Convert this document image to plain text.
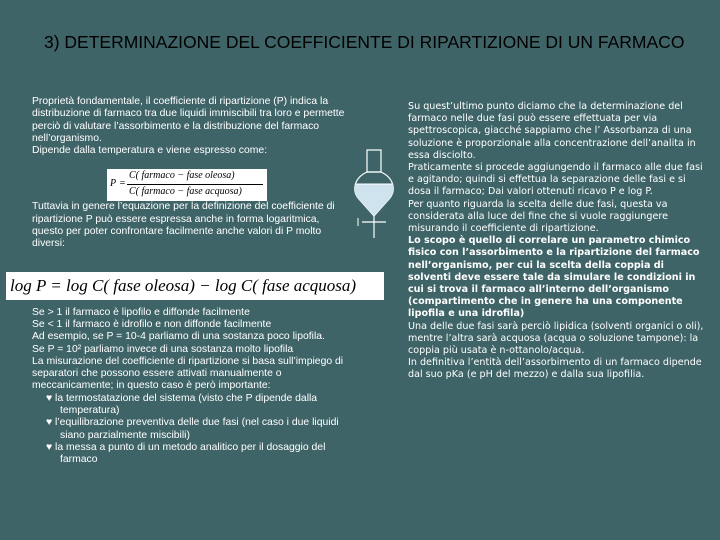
3) DETERMINAZIONE DEL COEFFICIENTE DI RIPARTIZIONE DI UN FARMACO

Proprietà fondamentale, il coefficiente di ripartizione (P) indica la distribuzione di farmaco tra due liquidi immiscibili tra loro e permette perciò di valutare l’assorbimento e la distribuzione del farmaco nell’organismo.

Dipende dalla temperatura e viene espresso come:

Tuttavia in genere l’equazione per la definizione del coefficiente di ripartizione P può essere espressa anche in forma logaritmica, questo per poter confrontare facilmente anche valori di P molto diversi:

Se > 1 il farmaco è lipofilo e diffonde facilmente

Se < 1 il farmaco è idrofilo e non diffonde facilmente

Ad esempio, se P = 10-4 parliamo di una sostanza poco lipofila.

Se P = 10² parliamo invece di una sostanza molto lipofila

La misurazione del coefficiente di ripartizione si basa sull’impiego di separatori che possono essere attivati manualmente o meccanicamente; in questo caso è però importante:

♥ la termostatazione del sistema (visto che P dipende dalla temperatura)
♥ l’equilibrazione preventiva delle due fasi (nel caso i due liquidi siano parzialmente miscibili)
♥ la messa a punto di un metodo analitico per il dosaggio del farmaco
P =
C( farmaco − fase oleosa)
C( farmaco − fase acquosa)
log P = log C( fase oleosa) − log C( fase acquosa)

Su quest’ultimo punto diciamo che la determinazione del farmaco nelle due fasi può essere effettuata per via spettroscopica, giacché sappiamo che l’ Assorbanza di una soluzione è proporzionale alla concentrazione dell’analita in essa disciolto.

Praticamente si procede aggiungendo il farmaco alle due fasi e agitando; quindi si effettua la separazione delle fasi e si dosa il farmaco; Dai valori ottenuti ricavo P e log P.

Per quanto riguarda la scelta delle due fasi, questa va considerata alla luce del fine che si vuole raggiungere misurando il coefficiente di ripartizione.

Lo scopo è quello di correlare un parametro chimico fisico con l’assorbimento e la ripartizione del farmaco nell’organismo, per cui la scelta della coppia di solventi deve essere tale da simulare le condizioni in cui si trova il farmaco all’interno dell’organismo (compartimento che in genere ha una componente lipofila e una idrofila)

Una delle due fasi sarà perciò lipidica (solventi organici o oli), mentre l’altra sarà acquosa (acqua o soluzione tampone): la coppia più usata è n-ottanolo/acqua.

In definitiva l’entità dell’assorbimento di un farmaco dipende dal suo pKa (e pH del mezzo) e dalla sua lipofilia.
